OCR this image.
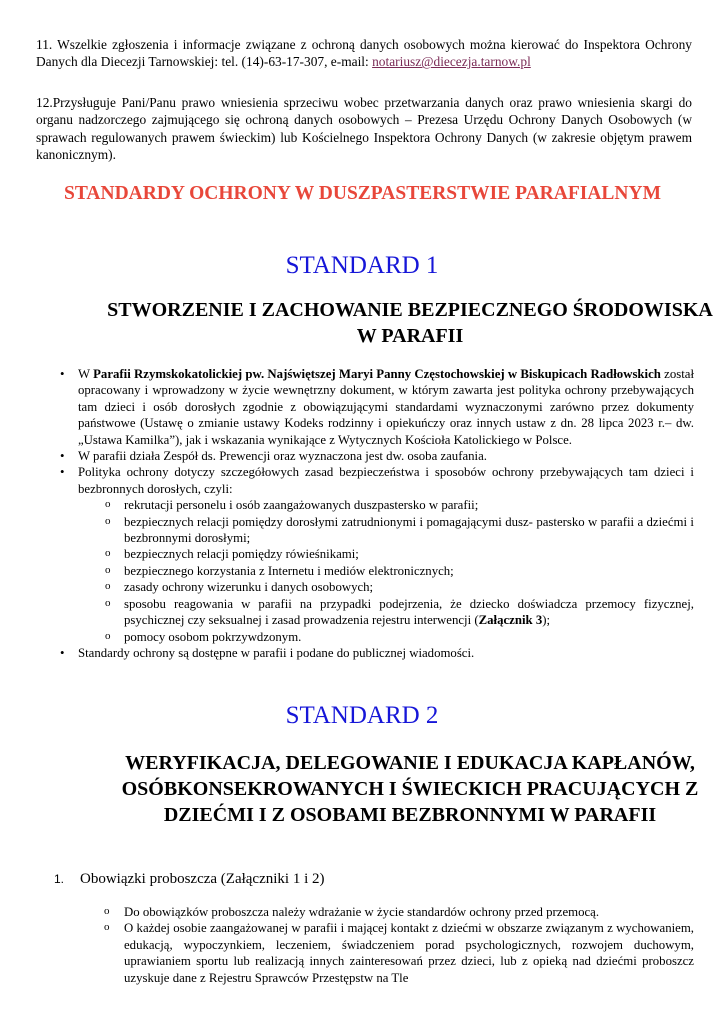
11. Wszelkie zgłoszenia i informacje związane z ochroną danych osobowych można kierować do Inspektora Ochrony Danych dla Diecezji Tarnowskiej: tel. (14)-63-17-307, e-mail: notariusz@diecezja.tarnow.pl

12.Przysługuje Pani/Panu prawo wniesienia sprzeciwu wobec przetwarzania danych oraz prawo wniesienia skargi do organu nadzorczego zajmującego się ochroną danych osobowych – Prezesa Urzędu Ochrony Danych Osobowych (w sprawach regulowanych prawem świeckim) lub Kościelnego Inspektora Ochrony Danych (w zakresie objętym prawem kanonicznym).

STANDARDY OCHRONY W DUSZPASTERSTWIE PARAFIALNYM
STANDARD 1
STWORZENIE I ZACHOWANIE BEZPIECZNEGO ŚRODOWISKA W PARAFII
• W Parafii Rzymskokatolickiej pw. Najświętszej Maryi Panny Częstochowskiej w Biskupicach Radłowskich został opracowany i wprowadzony w życie wewnętrzny dokument, w którym zawarta jest polityka ochrony przebywających tam dzieci i osób dorosłych zgodnie z obowiązującymi standardami wyznaczonymi zarówno przez dokumenty państwowe (Ustawę o zmianie ustawy Kodeks rodzinny i opiekuńczy oraz innych ustaw z dn. 28 lipca 2023 r.– dw. „Ustawa Kamilka”), jak i wskazania wynikające z Wytycznych Kościoła Katolickiego w Polsce.
• W parafii działa Zespół ds. Prewencji oraz wyznaczona jest dw. osoba zaufania.
• Polityka ochrony dotyczy szczegółowych zasad bezpieczeństwa i sposobów ochrony przebywających tam dzieci i bezbronnych dorosłych, czyli:
o rekrutacji personelu i osób zaangażowanych duszpastersko w parafii;
o bezpiecznych relacji pomiędzy dorosłymi zatrudnionymi i pomagającymi dusz- pastersko w parafii a dziećmi i bezbronnymi dorosłymi;
o bezpiecznych relacji pomiędzy rówieśnikami;
o bezpiecznego korzystania z Internetu i mediów elektronicznych;
o zasady ochrony wizerunku i danych osobowych;
o sposobu reagowania w parafii na przypadki podejrzenia, że dziecko doświadcza przemocy fizycznej, psychicznej czy seksualnej i zasad prowadzenia rejestru interwencji (Załącznik 3);
o pomocy osobom pokrzywdzonym.
• Standardy ochrony są dostępne w parafii i podane do publicznej wiadomości.
STANDARD 2
WERYFIKACJA, DELEGOWANIE I EDUKACJA KAPŁANÓW, OSÓBKONSEKROWANYCH I ŚWIECKICH PRACUJĄCYCH Z DZIEĆMI I Z OSOBAMI BEZBRONNYMI W PARAFII
1. Obowiązki proboszcza (Załączniki 1 i 2)
o Do obowiązków proboszcza należy wdrażanie w życie standardów ochrony przed przemocą.
o O każdej osobie zaangażowanej w parafii i mającej kontakt z dziećmi w obszarze związanym z wychowaniem, edukacją, wypoczynkiem, leczeniem, świadczeniem porad psychologicznych, rozwojem duchowym, uprawianiem sportu lub realizacją innych zainteresowań przez dzieci, lub z opieką nad dziećmi proboszcz uzyskuje dane z Rejestru Sprawców Przestępstw na Tle
